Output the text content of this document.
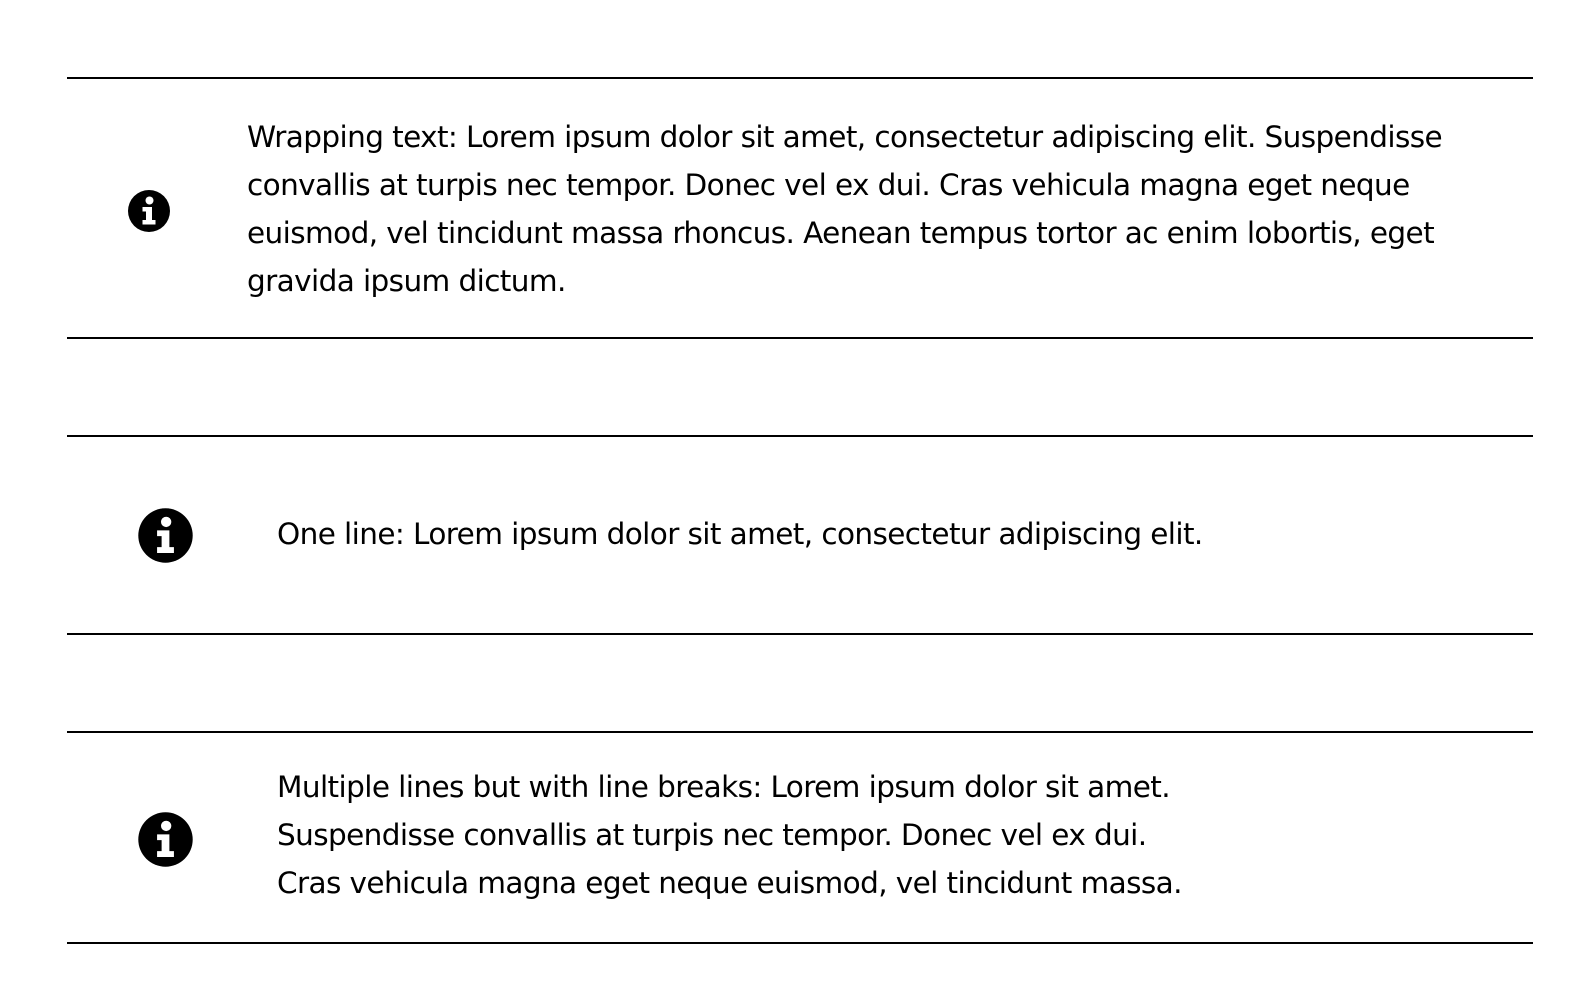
Wrapping text: Lorem ipsum dolor sit amet, consectetur adipiscing elit. Suspendisse
convallis at turpis nec tempor. Donec vel ex dui. Cras vehicula magna eget neque
euismod, vel tincidunt massa rhoncus. Aenean tempus tortor ac enim lobortis, eget
gravida ipsum dictum.

One line: Lorem ipsum dolor sit amet, consectetur adipiscing elit.

Multiple lines but with line breaks: Lorem ipsum dolor sit amet.
Suspendisse convallis at turpis nec tempor. Donec vel ex dui.
Cras vehicula magna eget neque euismod, vel tincidunt massa.
